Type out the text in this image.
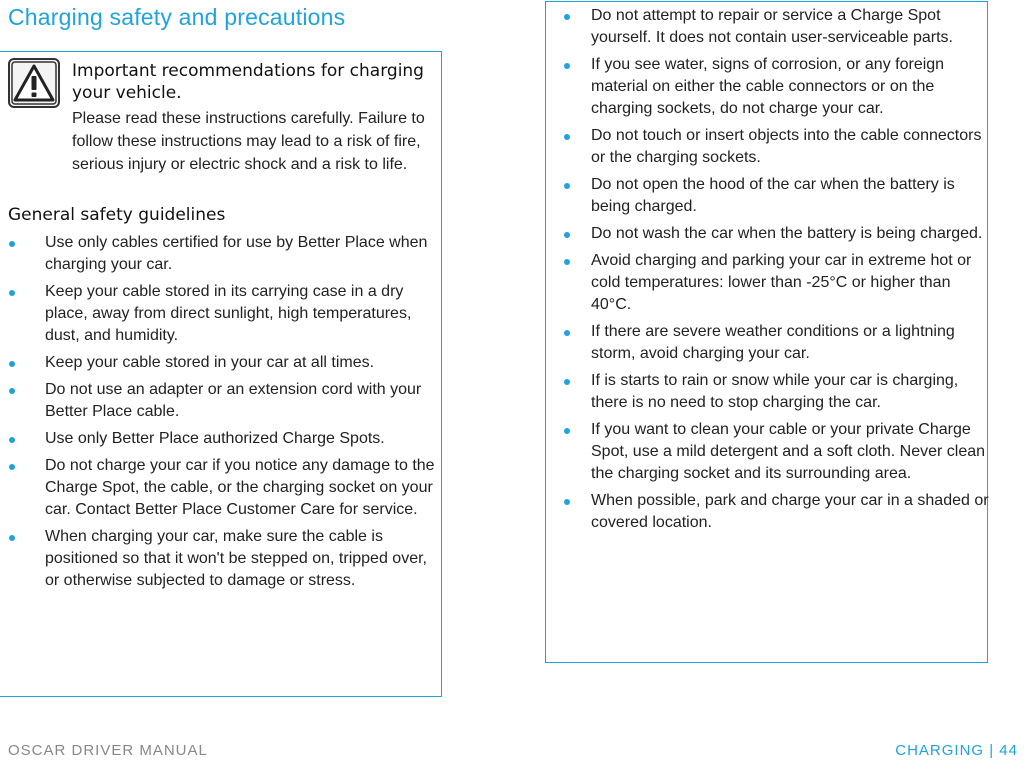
Charging safety and precautions
Important recommendations for charging your vehicle.
Please read these instructions carefully. Failure to follow these instructions may lead to a risk of fire, serious injury or electric shock and a risk to life.
General safety guidelines
Use only cables certified for use by Better Place when charging your car.
Keep your cable stored in its carrying case in a dry place, away from direct sunlight, high temperatures, dust, and humidity.
Keep your cable stored in your car at all times.
Do not use an adapter or an extension cord with your Better Place cable.
Use only Better Place authorized Charge Spots.
Do not charge your car if you notice any damage to the Charge Spot, the cable, or the charging socket on your car. Contact Better Place Customer Care for service.
When charging your car, make sure the cable is positioned so that it won't be stepped on, tripped over, or otherwise subjected to damage or stress.
Do not attempt to repair or service a Charge Spot yourself. It does not contain user-serviceable parts.
If you see water, signs of corrosion, or any foreign material on either the cable connectors or on the charging sockets, do not charge your car.
Do not touch or insert objects into the cable connectors or the charging sockets.
Do not open the hood of the car when the battery is being charged.
Do not wash the car when the battery is being charged.
Avoid charging and parking your car in extreme hot or cold temperatures: lower than -25°C or higher than 40°C.
If there are severe weather conditions or a lightning storm, avoid charging your car.
If is starts to rain or snow while your car is charging, there is no need to stop charging the car.
If you want to clean your cable or your private Charge Spot, use a mild detergent and a soft cloth. Never clean the charging socket and its surrounding area.
When possible, park and charge your car in a shaded or covered location.
OSCAR DRIVER MANUAL	CHARGING | 44
